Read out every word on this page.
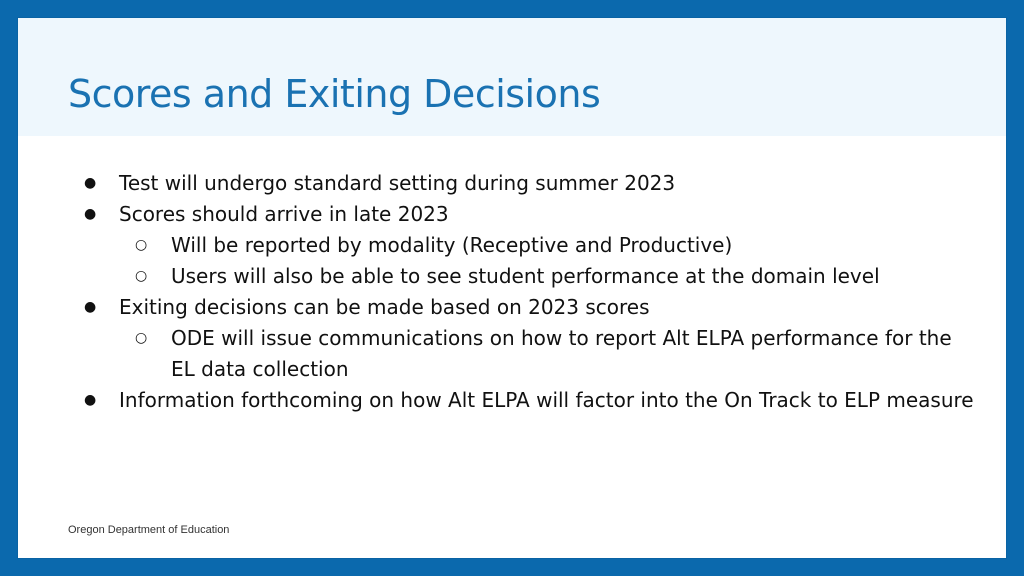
Scores and Exiting Decisions
● Test will undergo standard setting during summer 2023
● Scores should arrive in late 2023
○ Will be reported by modality (Receptive and Productive)
○ Users will also be able to see student performance at the domain level
● Exiting decisions can be made based on 2023 scores
○ ODE will issue communications on how to report Alt ELPA performance for the EL data collection
● Information forthcoming on how Alt ELPA will factor into the On Track to ELP measure
Oregon Department of Education
